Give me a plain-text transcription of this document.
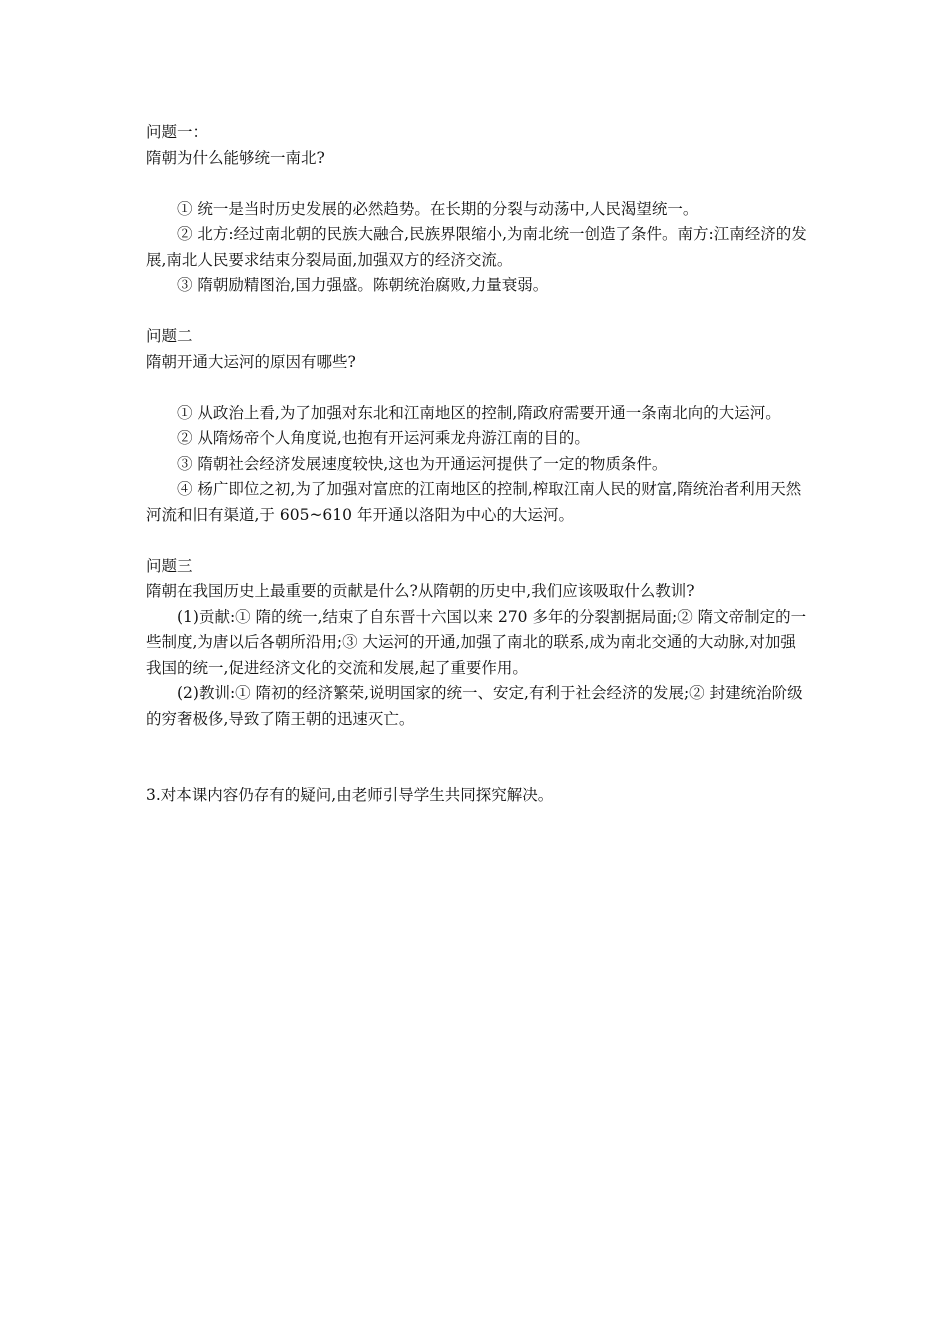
问题一：

隋朝为什么能够统一南北?

① 统一是当时历史发展的必然趋势。在长期的分裂与动荡中,人民渴望统一。

② 北方:经过南北朝的民族大融合,民族界限缩小,为南北统一创造了条件。南方:江南经济的发展,南北人民要求结束分裂局面,加强双方的经济交流。

③ 隋朝励精图治,国力强盛。陈朝统治腐败,力量衰弱。

问题二

隋朝开通大运河的原因有哪些?

① 从政治上看,为了加强对东北和江南地区的控制,隋政府需要开通一条南北向的大运河。

② 从隋炀帝个人角度说,也抱有开运河乘龙舟游江南的目的。

③ 隋朝社会经济发展速度较快,这也为开通运河提供了一定的物质条件。

④ 杨广即位之初,为了加强对富庶的江南地区的控制,榨取江南人民的财富,隋统治者利用天然河流和旧有渠道,于 605~610 年开通以洛阳为中心的大运河。

问题三

隋朝在我国历史上最重要的贡献是什么?从隋朝的历史中,我们应该吸取什么教训?

(1)贡献:① 隋的统一,结束了自东晋十六国以来 270 多年的分裂割据局面;② 隋文帝制定的一些制度,为唐以后各朝所沿用;③ 大运河的开通,加强了南北的联系,成为南北交通的大动脉,对加强我国的统一,促进经济文化的交流和发展,起了重要作用。

(2)教训:① 隋初的经济繁荣,说明国家的统一、安定,有利于社会经济的发展;② 封建统治阶级的穷奢极侈,导致了隋王朝的迅速灭亡。

3.对本课内容仍存有的疑问,由老师引导学生共同探究解决。
